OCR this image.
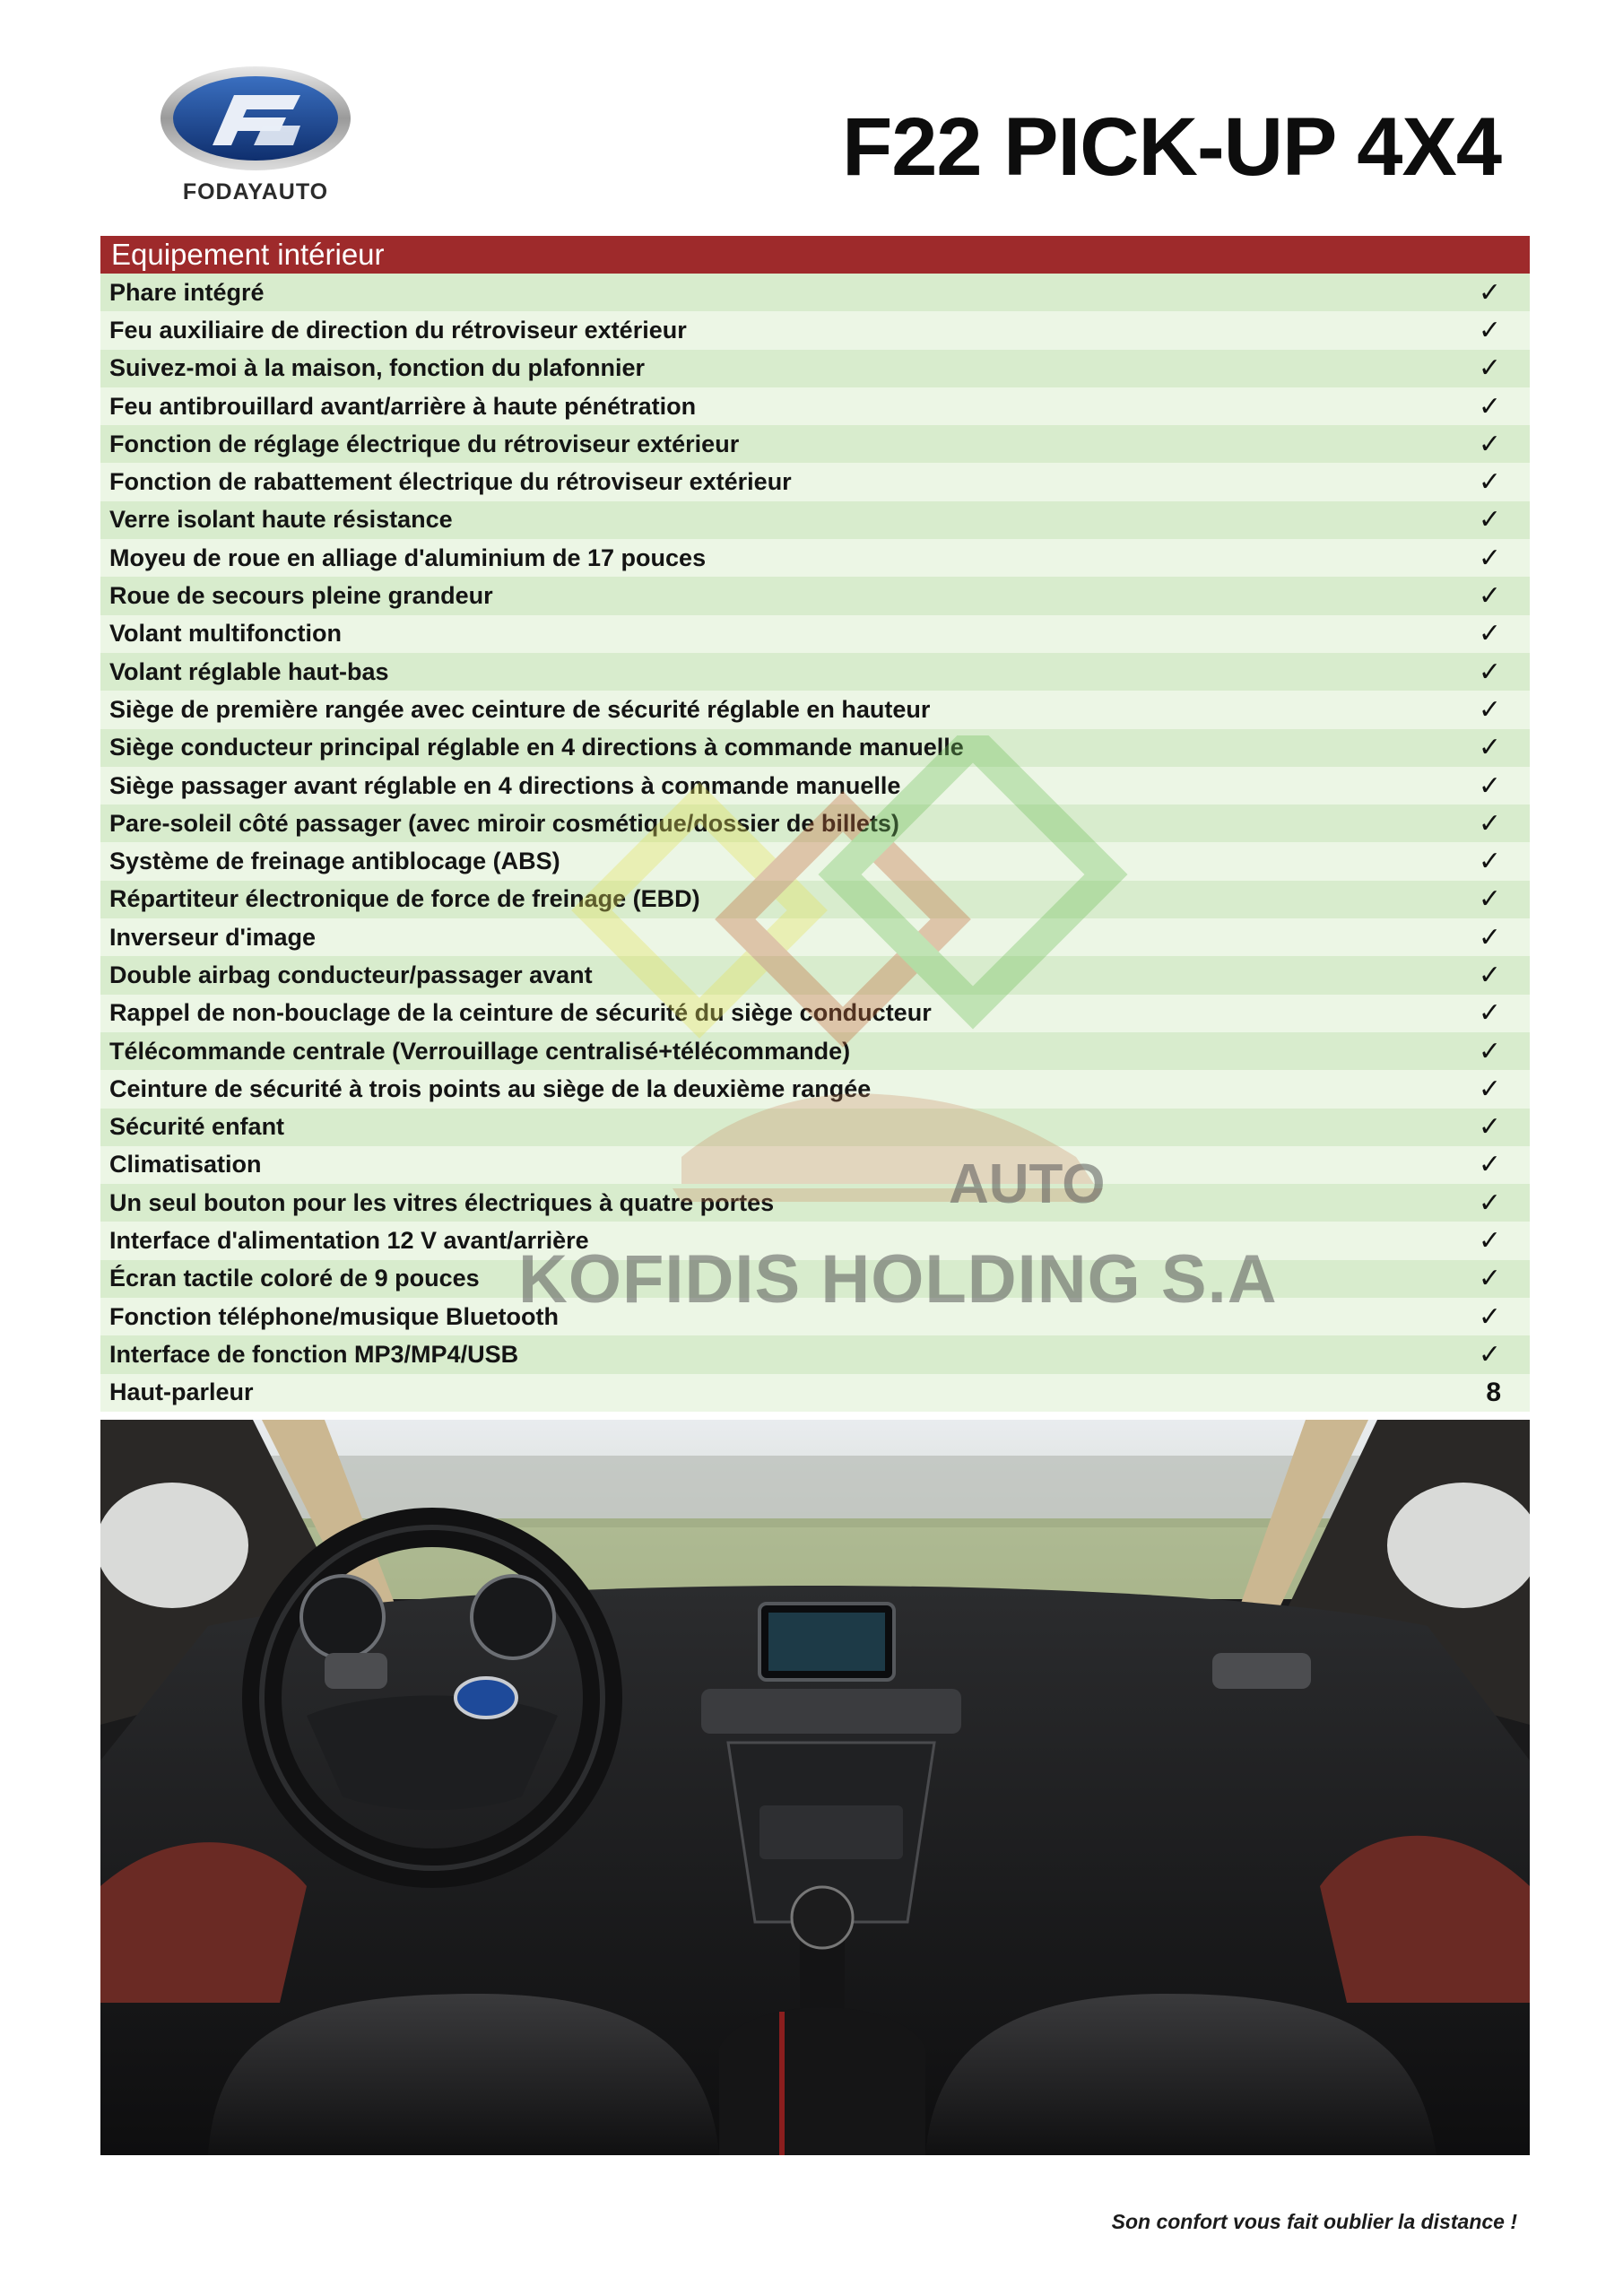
FODAYAUTO	F22 PICK-UP 4X4
Equipement intérieur
Phare intégré	✓
Feu auxiliaire de direction du rétroviseur extérieur	✓
Suivez-moi à la maison, fonction du plafonnier	✓
Feu antibrouillard avant/arrière à haute pénétration	✓
Fonction de réglage électrique du rétroviseur extérieur	✓
Fonction de rabattement électrique du rétroviseur extérieur	✓
Verre isolant haute résistance	✓
Moyeu de roue en alliage d'aluminium de 17 pouces	✓
Roue de secours pleine grandeur	✓
Volant multifonction	✓
Volant réglable haut-bas	✓
Siège de première rangée avec ceinture de sécurité réglable en hauteur	✓
Siège conducteur principal réglable en 4 directions à commande manuelle	✓
Siège passager avant réglable en 4 directions à commande manuelle	✓
Pare-soleil côté passager (avec miroir cosmétique/dossier de billets)	✓
Système de freinage antiblocage (ABS)	✓
Répartiteur électronique de force de freinage (EBD)	✓
Inverseur d'image	✓
Double airbag conducteur/passager avant	✓
Rappel de non-bouclage de la ceinture de sécurité du siège conducteur	✓
Télécommande centrale (Verrouillage centralisé+télécommande)	✓
Ceinture de sécurité à trois points au siège de la deuxième rangée	✓
Sécurité enfant	✓
Climatisation	✓
Un seul bouton pour les vitres électriques à quatre portes	✓
Interface d'alimentation 12 V avant/arrière	✓
Écran tactile coloré de 9 pouces	✓
Fonction téléphone/musique Bluetooth	✓
Interface de fonction MP3/MP4/USB	✓
Haut-parleur	8
AUTO
KOFIDIS HOLDING S.A
Son confort vous fait oublier la distance !
